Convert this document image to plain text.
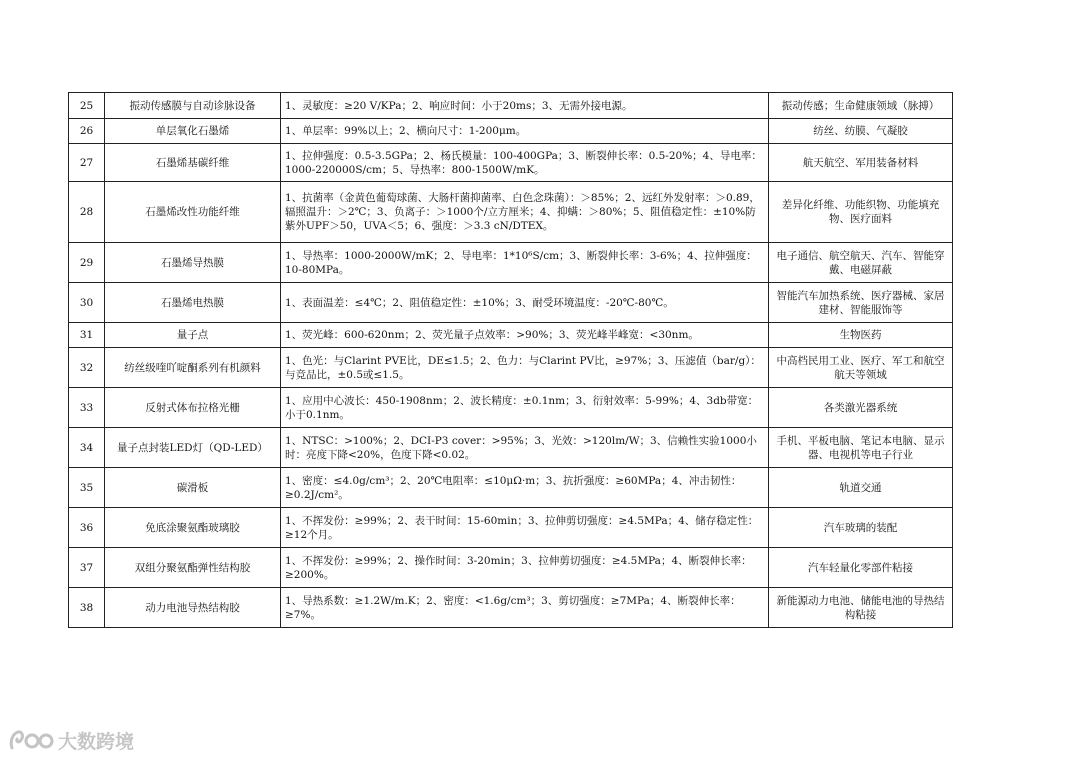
25	振动传感膜与自动诊脉设备	1、灵敏度：≥20 V/KPa；2、响应时间：小于20ms；3、无需外接电源。	振动传感；生命健康领域（脉搏）
26	单层氧化石墨烯	1、单层率：99%以上；2、横向尺寸：1-200μm。	纺丝、纺膜、气凝胶
27	石墨烯基碳纤维	1、拉伸强度：0.5-3.5GPa；2、杨氏模量：100-400GPa；3、断裂伸长率：0.5-20%；4、导电率：1000-220000S/cm；5、导热率：800-1500W/mK。	航天航空、军用装备材料
28	石墨烯改性功能纤维	1、抗菌率（金黄色葡萄球菌、大肠杆菌抑菌率、白色念珠菌）：＞85%；2、远红外发射率：＞0.89，辐照温升：＞2℃；3、负离子：＞1000个/立方厘米；4、抑螨：＞80%；5、阻值稳定性：±10%防紫外UPF＞50，UVA＜5；6、强度：＞3.3 cN/DTEX。	差异化纤维、功能织物、功能填充物、医疗面料
29	石墨烯导热膜	1、导热率：1000-2000W/mK；2、导电率：1*10⁶S/cm；3、断裂伸长率：3-6%；4、拉伸强度：10-80MPa。	电子通信、航空航天、汽车、智能穿戴、电磁屏蔽
30	石墨烯电热膜	1、表面温差：≤4℃；2、阻值稳定性：±10%；3、耐受环境温度：-20℃-80℃。	智能汽车加热系统、医疗器械、家居建材、智能服饰等
31	量子点	1、荧光峰：600-620nm；2、荧光量子点效率：>90%；3、荧光峰半峰宽：<30nm。	生物医药
32	纺丝级喹吖啶酮系列有机颜料	1、色光：与Clarint PVE比，DE≤1.5；2、色力：与Clarint PV比，≥97%；3、压滤值（bar/g）：与竞品比，±0.5或≤1.5。	中高档民用工业、医疗、军工和航空航天等领域
33	反射式体布拉格光栅	1、应用中心波长：450-1908nm；2、波长精度：±0.1nm；3、衍射效率：5-99%；4、3db带宽：小于0.1nm。	各类激光器系统
34	量子点封装LED灯（QD-LED）	1、NTSC：>100%；2、DCI-P3 cover：>95%；3、光效：>120lm/W；3、信赖性实验1000小时：亮度下降<20%，色度下降<0.02。	手机、平板电脑、笔记本电脑、显示器、电视机等电子行业
35	碳滑板	1、密度：≤4.0g/cm³；2、20℃电阻率：≤10μΩ·m；3、抗折强度：≥60MPa；4、冲击韧性：≥0.2J/cm²。	轨道交通
36	免底涂聚氨酯玻璃胶	1、不挥发份：≥99%；2、表干时间：15-60min；3、拉伸剪切强度：≥4.5MPa；4、储存稳定性：≥12个月。	汽车玻璃的装配
37	双组分聚氨酯弹性结构胶	1、不挥发份：≥99%；2、操作时间：3-20min；3、拉伸剪切强度：≥4.5MPa；4、断裂伸长率：≥200%。	汽车轻量化零部件粘接
38	动力电池导热结构胶	1、导热系数：≥1.2W/m.K；2、密度：<1.6g/cm³；3、剪切强度：≥7MPa；4、断裂伸长率：≥7%。	新能源动力电池、储能电池的导热结构粘接
大数跨境
